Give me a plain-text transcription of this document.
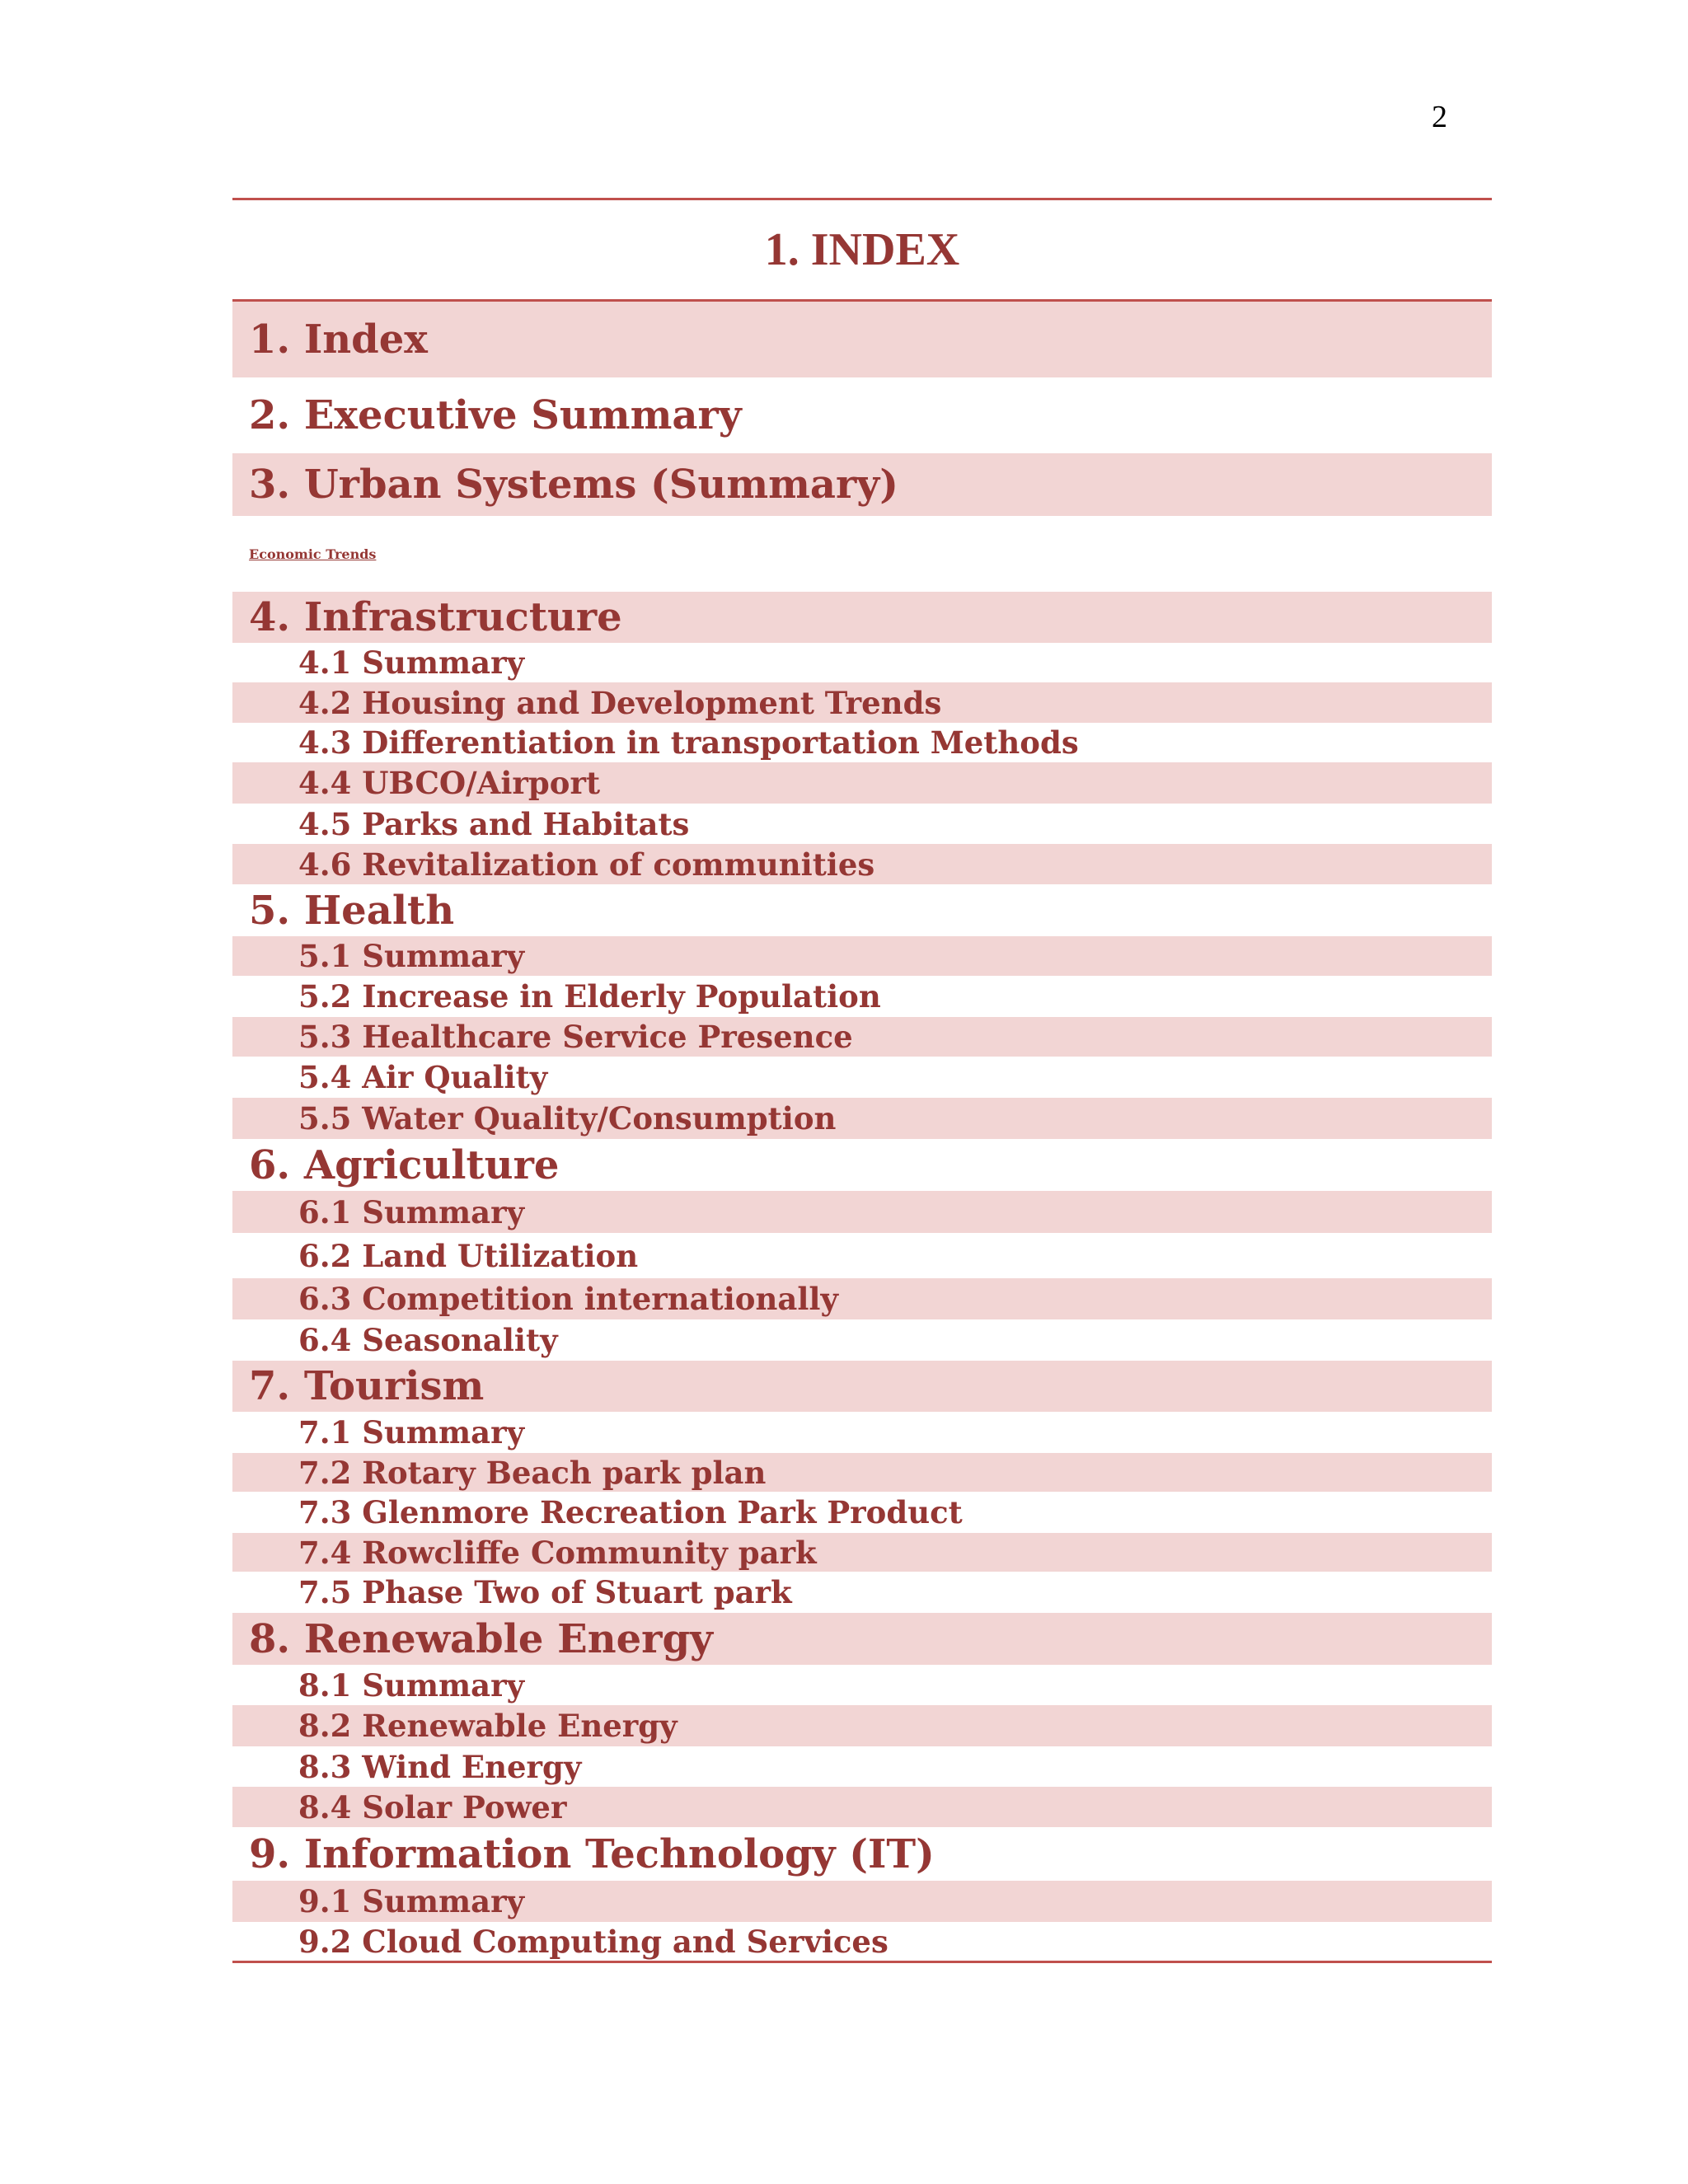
2
1. INDEX
1. Index
2. Executive Summary
3. Urban Systems (Summary)
Economic Trends
4. Infrastructure
4.1 Summary
4.2 Housing and Development Trends
4.3 Differentiation in transportation Methods
4.4 UBCO/Airport
4.5 Parks and Habitats
4.6 Revitalization of communities
5. Health
5.1 Summary
5.2 Increase in Elderly Population
5.3 Healthcare Service Presence
5.4 Air Quality
5.5 Water Quality/Consumption
6. Agriculture
6.1 Summary
6.2 Land Utilization
6.3 Competition internationally
6.4 Seasonality
7. Tourism
7.1 Summary
7.2 Rotary Beach park plan
7.3 Glenmore Recreation Park Product
7.4 Rowcliffe Community park
7.5 Phase Two of Stuart park
8. Renewable Energy
8.1 Summary
8.2 Renewable Energy
8.3 Wind Energy
8.4 Solar Power
9. Information Technology (IT)
9.1 Summary
9.2 Cloud Computing and Services
